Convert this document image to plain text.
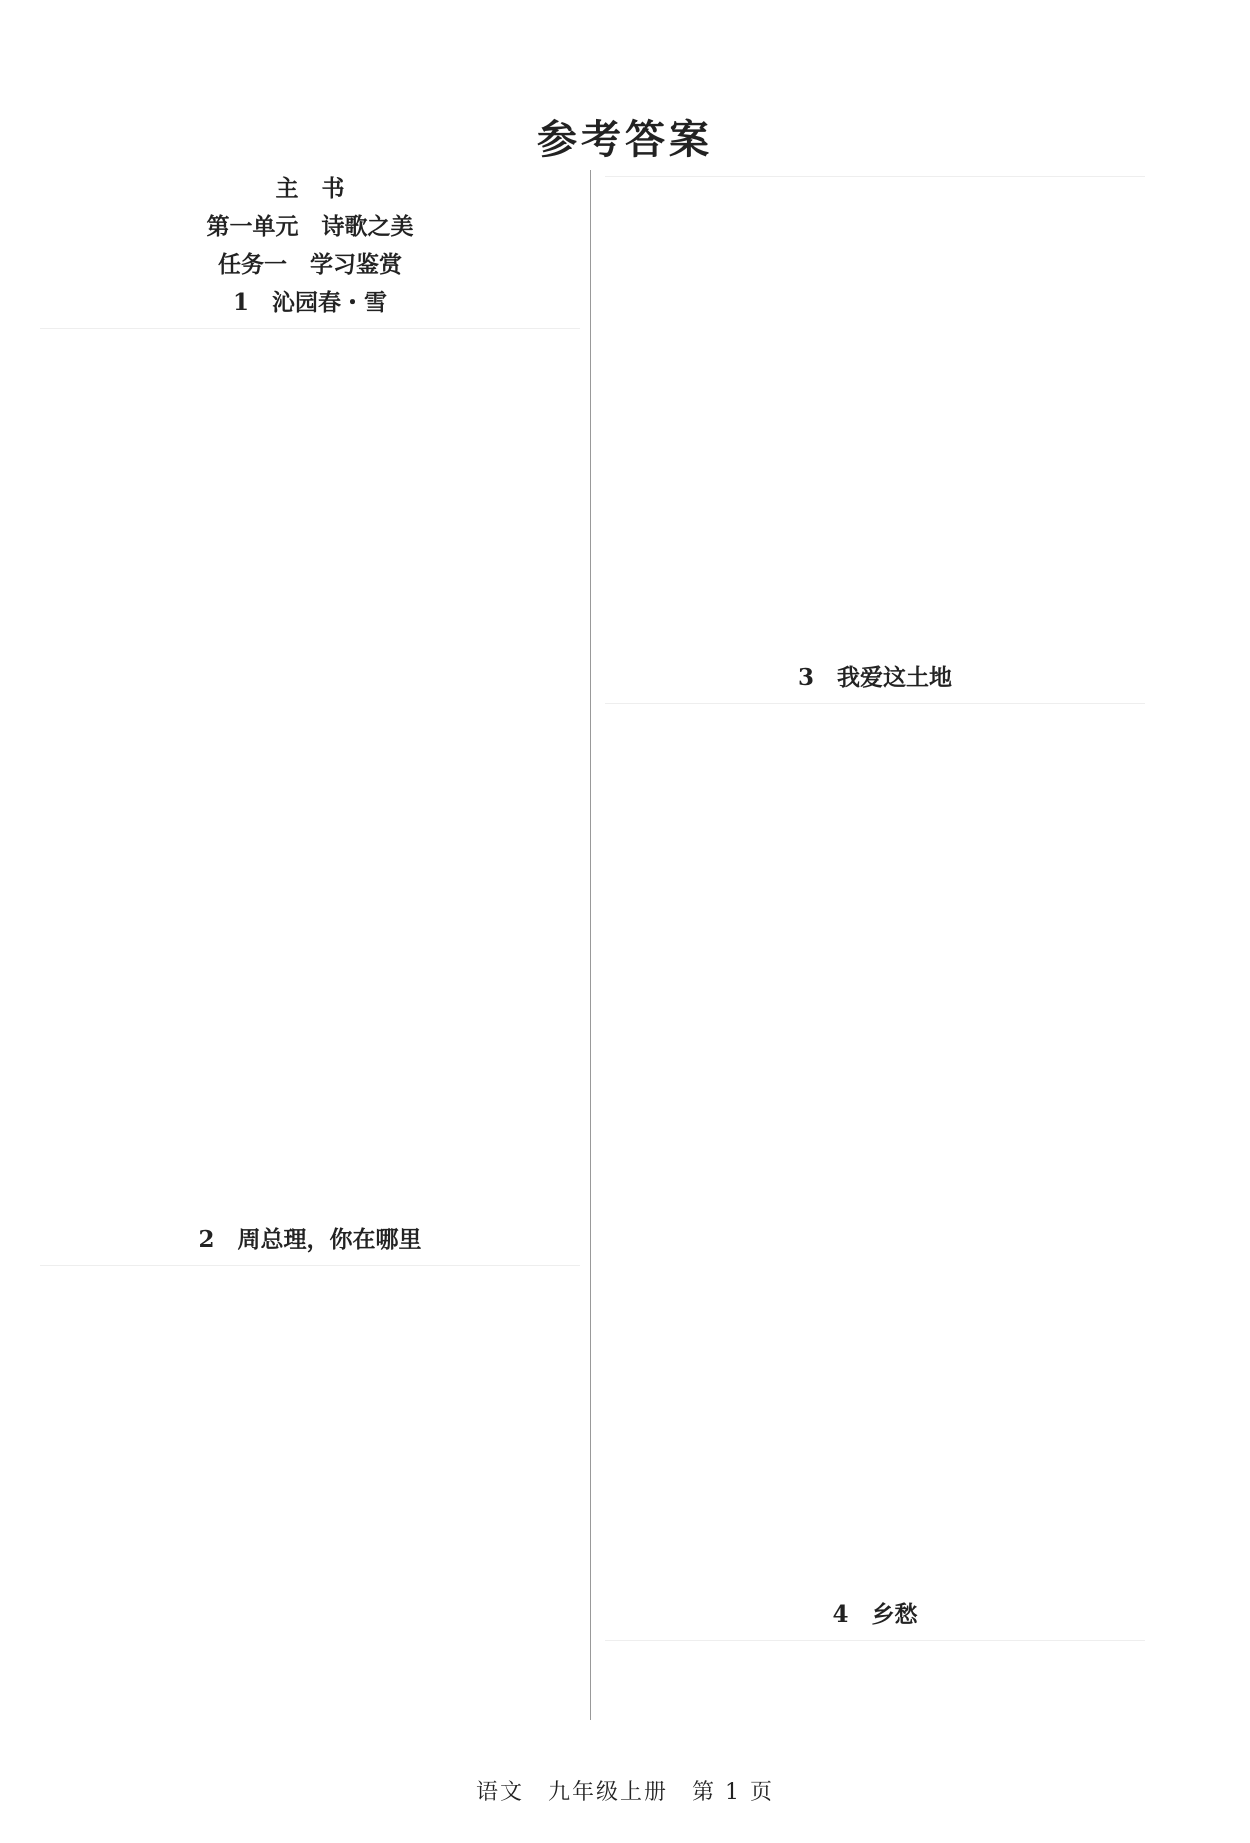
参考答案
主　书
第一单元　诗歌之美
任务一　学习鉴赏
1　沁园春・雪
2　周总理，你在哪里
3　我爱这土地
4　乡愁
语文　九年级上册　第 1 页
